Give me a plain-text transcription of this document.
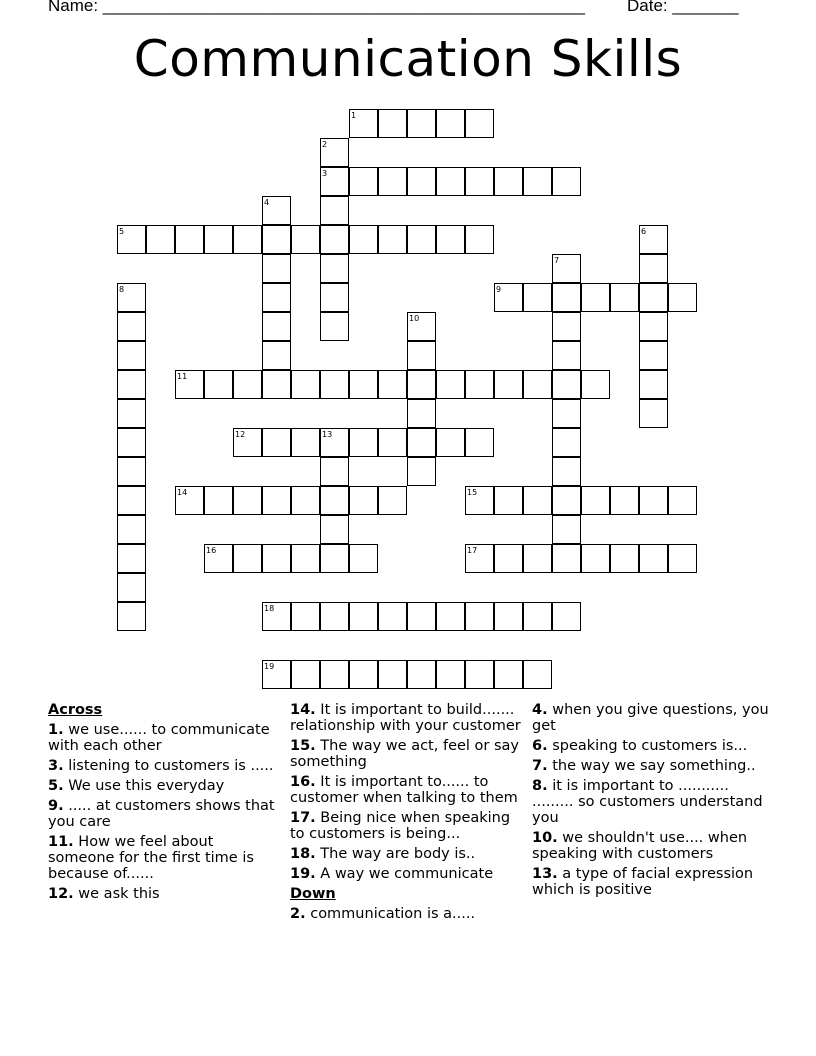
Name: ___________________________________________________ Date: _______
Communication Skills
1
2
3
4
5	6
7
8	9
10
11
12	13
14	15
16	17
18
19
Across
1. we use...... to communicate with each other
3. listening to customers is .....
5. We use this everyday
9. ..... at customers shows that you care
11. How we feel about someone for the first time is because of......
12. we ask this
14. It is important to build....... relationship with your customer
15. The way we act, feel or say something
16. It is important to...... to customer when talking to them
17. Being nice when speaking to customers is being...
18. The way are body is..
19. A way we communicate
Down
2. communication is a.....
4. when you give questions, you get
6. speaking to customers is...
7. the way we say something..
8. it is important to ........... ......... so customers understand you
10. we shouldn't use.... when speaking with customers
13. a type of facial expression which is positive
